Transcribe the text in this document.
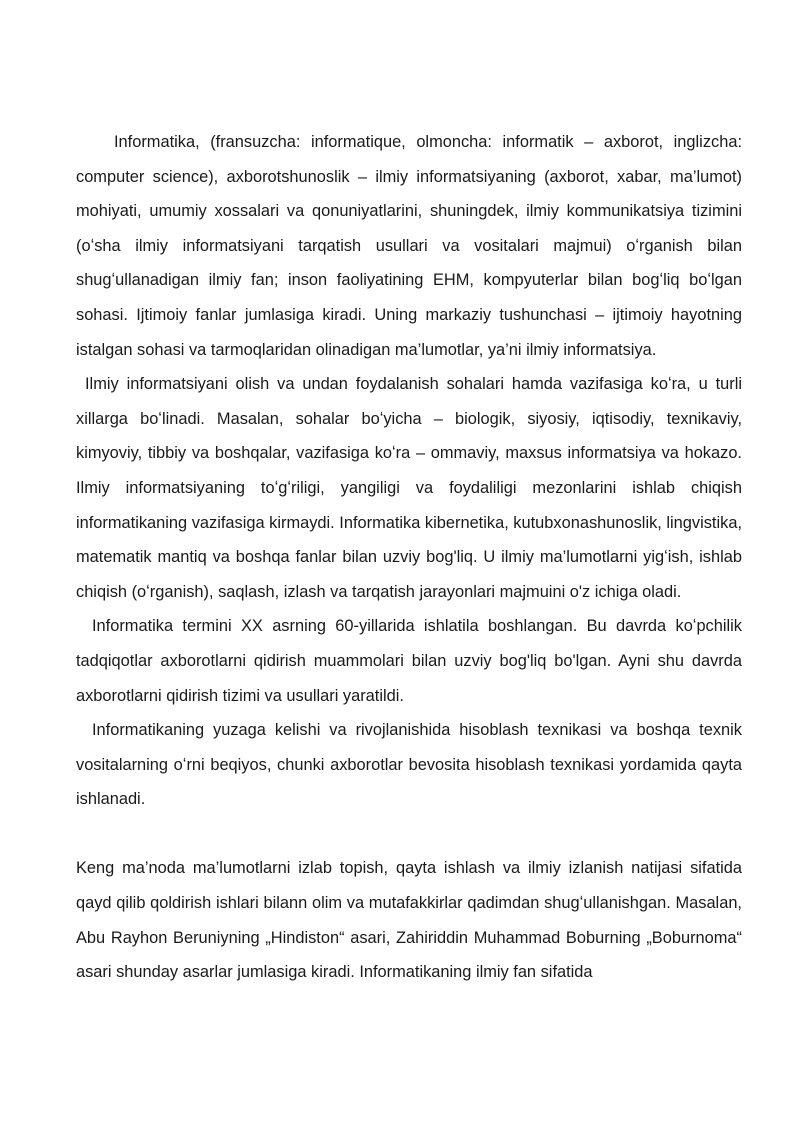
Informatika, (fransuzcha: informatique, olmoncha: informatik – axborot, inglizcha: computer science), axborotshunoslik – ilmiy informatsiyaning (axborot, xabar, ma’lumot) mohiyati, umumiy xossalari va qonuniyatlarini, shuningdek, ilmiy kommunikatsiya tizimini (oʻsha ilmiy informatsiyani tarqatish usullari va vositalari majmui) oʻrganish bilan shugʻullanadigan ilmiy fan; inson faoliyatining EHM, kompyuterlar bilan bogʻliq boʻlgan sohasi. Ijtimoiy fanlar jumlasiga kiradi. Uning markaziy tushunchasi – ijtimoiy hayotning istalgan sohasi va tarmoqlaridan olinadigan ma’lumotlar, ya’ni ilmiy informatsiya.

Ilmiy informatsiyani olish va undan foydalanish sohalari hamda vazifasiga koʻra, u turli xillarga boʻlinadi. Masalan, sohalar boʻyicha – biologik, siyosiy, iqtisodiy, texnikaviy, kimyoviy, tibbiy va boshqalar, vazifasiga koʻra – ommaviy, maxsus informatsiya va hokazo. Ilmiy informatsiyaning toʻgʻriligi, yangiligi va foydaliligi mezonlarini ishlab chiqish informatikaning vazifasiga kirmaydi. Informatika kibernetika, kutubxonashunoslik, lingvistika, matematik mantiq va boshqa fanlar bilan uzviy bog'liq. U ilmiy ma’lumotlarni yigʻish, ishlab chiqish (oʻrganish), saqlash, izlash va tarqatish jarayonlari majmuini o'z ichiga oladi.

Informatika termini XX asrning 60-yillarida ishlatila boshlangan. Bu davrda koʻpchilik tadqiqotlar axborotlarni qidirish muammolari bilan uzviy bog'liq bo'lgan. Ayni shu davrda axborotlarni qidirish tizimi va usullari yaratildi.

Informatikaning yuzaga kelishi va rivojlanishida hisoblash texnikasi va boshqa texnik vositalarning oʻrni beqiyos, chunki axborotlar bevosita hisoblash texnikasi yordamida qayta ishlanadi.

Keng ma’noda ma’lumotlarni izlab topish, qayta ishlash va ilmiy izlanish natijasi sifatida qayd qilib qoldirish ishlari bilann olim va mutafakkirlar qadimdan shugʻullanishgan. Masalan, Abu Rayhon Beruniyning „Hindiston“ asari, Zahiriddin Muhammad Boburning „Boburnoma“ asari shunday asarlar jumlasiga kiradi. Informatikaning ilmiy fan sifatida
